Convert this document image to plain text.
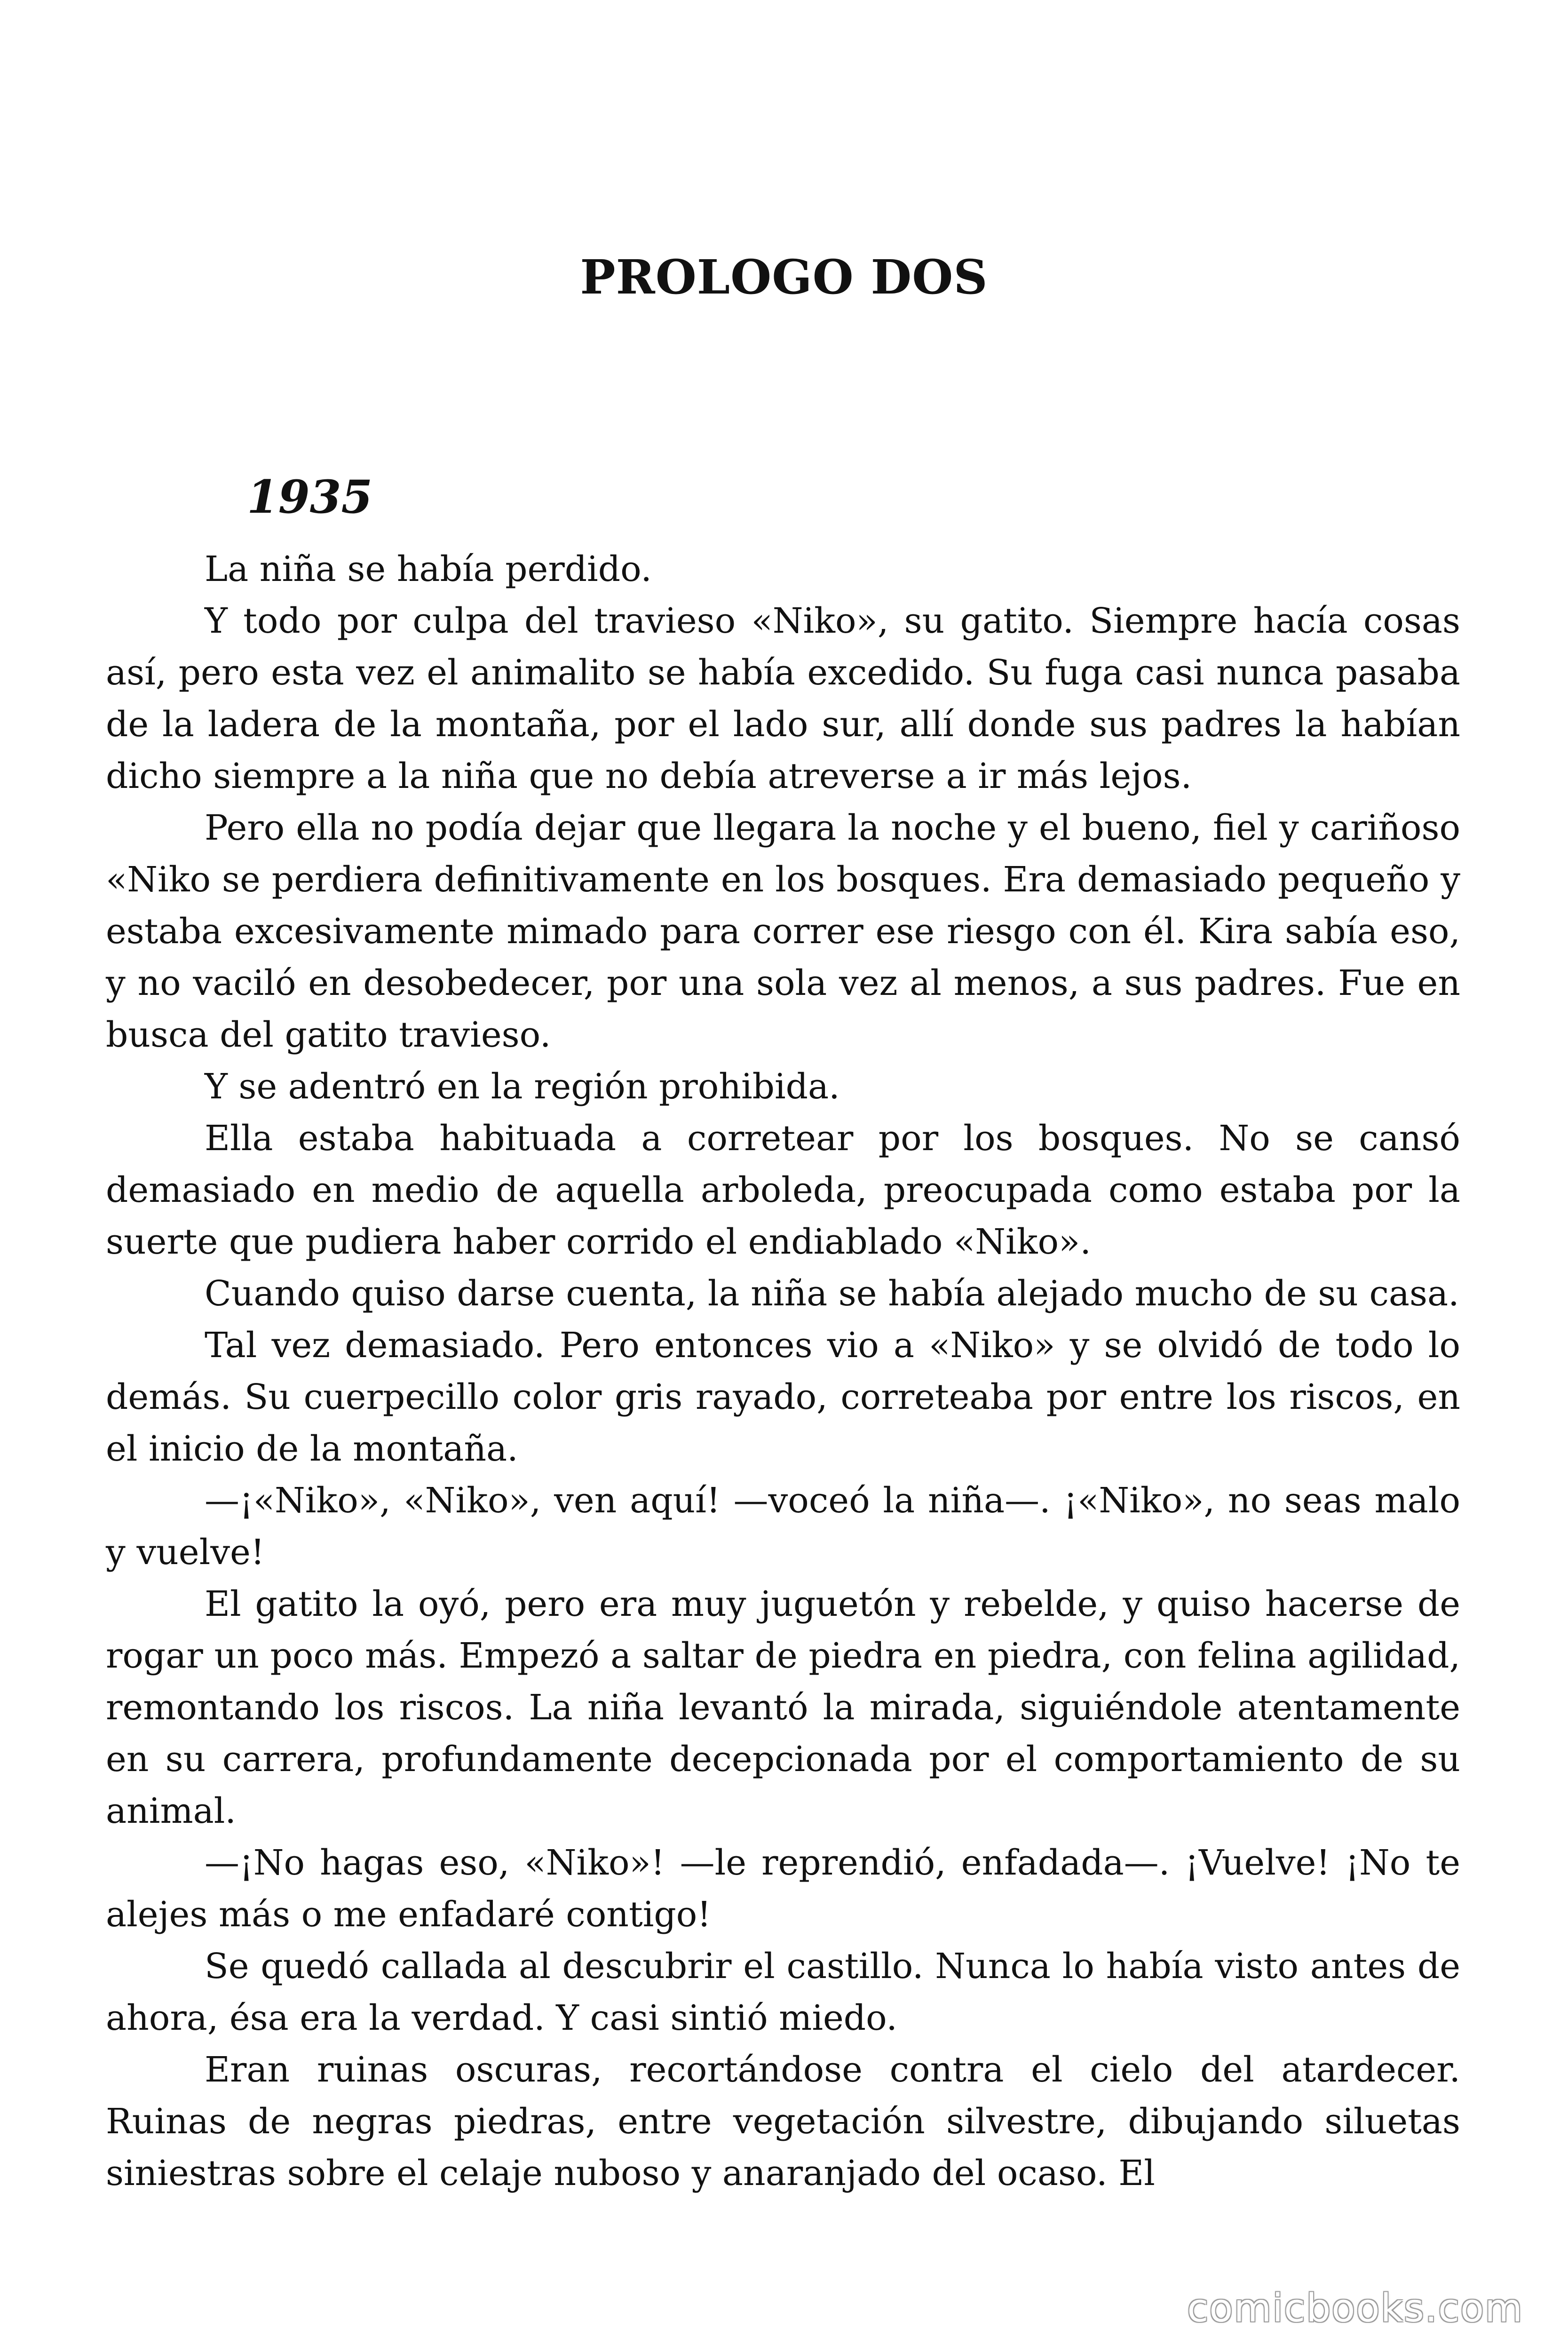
PROLOGO DOS
1935

La niña se había perdido.

Y todo por culpa del travieso «Niko», su gatito. Siempre hacía cosas así, pero esta vez el animalito se había excedido. Su fuga casi nunca pasaba de la ladera de la montaña, por el lado sur, allí donde sus padres la habían dicho siempre a la niña que no debía atreverse a ir más lejos.

Pero ella no podía dejar que llegara la noche y el bueno, fiel y cariñoso «Niko se perdiera definitivamente en los bosques. Era demasiado pequeño y estaba excesivamente mimado para correr ese riesgo con él. Kira sabía eso, y no vaciló en desobedecer, por una sola vez al menos, a sus padres. Fue en busca del gatito travieso.

Y se adentró en la región prohibida.

Ella estaba habituada a corretear por los bosques. No se cansó demasiado en medio de aquella arboleda, preocupada como estaba por la suerte que pudiera haber corrido el endiablado «Niko».

Cuando quiso darse cuenta, la niña se había alejado mucho de su casa.

Tal vez demasiado. Pero entonces vio a «Niko» y se olvidó de todo lo demás. Su cuerpecillo color gris rayado, correteaba por entre los riscos, en el inicio de la montaña.

—¡«Niko», «Niko», ven aquí! —voceó la niña—. ¡«Niko», no seas malo y vuelve!

El gatito la oyó, pero era muy juguetón y rebelde, y quiso hacerse de rogar un poco más. Empezó a saltar de piedra en piedra, con felina agilidad, remontando los riscos. La niña levantó la mirada, siguiéndole atentamente en su carrera, profundamente decepcionada por el comportamiento de su animal.

—¡No hagas eso, «Niko»! —le reprendió, enfadada—. ¡Vuelve! ¡No te alejes más o me enfadaré contigo!

Se quedó callada al descubrir el castillo. Nunca lo había visto antes de ahora, ésa era la verdad. Y casi sintió miedo.

Eran ruinas oscuras, recortándose contra el cielo del atardecer. Ruinas de negras piedras, entre vegetación silvestre, dibujando siluetas siniestras sobre el celaje nuboso y anaranjado del ocaso. El

comicbooks.com
